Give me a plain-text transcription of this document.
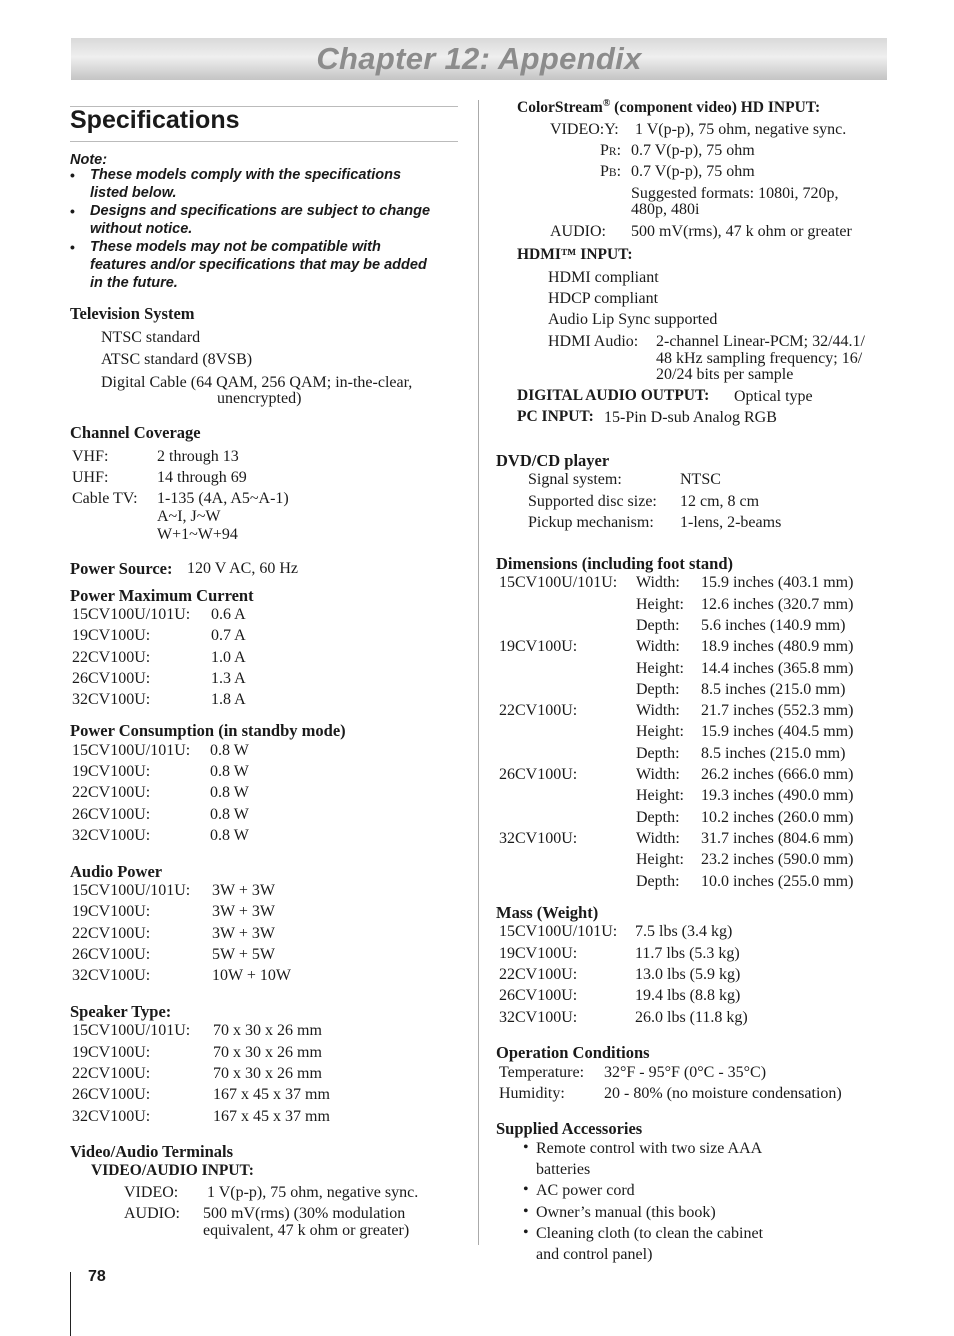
Chapter 12: Appendix
Specifications
Note:
• These models comply with the specifications
listed below.
• Designs and specifications are subject to change
without notice.
• These models may not be compatible with
features and/or specifications that may be added
in the future.
Television System
NTSC standard
ATSC standard (8VSB)
Digital Cable (64 QAM, 256 QAM; in-the-clear,
unencrypted)
Channel Coverage
VHF:	2 through 13
UHF:	14 through 69
Cable TV: 1-135 (4A, A5~A-1)
A~I, J~W
W+1~W+94
Power Source: 120 V AC, 60 Hz
Power Maximum Current
15CV100U/101U: 0.6 A
19CV100U:	0.7 A
22CV100U:	1.0 A
26CV100U:	1.3 A
32CV100U:	1.8 A
Power Consumption (in standby mode)
15CV100U/101U: 0.8 W
19CV100U:	0.8 W
22CV100U:	0.8 W
26CV100U:	0.8 W
32CV100U:	0.8 W
Audio Power
15CV100U/101U: 3W + 3W
19CV100U:	3W + 3W
22CV100U:	3W + 3W
26CV100U:	5W + 5W
32CV100U:	10W + 10W
Speaker Type:
15CV100U/101U: 70 x 30 x 26 mm
19CV100U:	70 x 30 x 26 mm
22CV100U:	70 x 30 x 26 mm
26CV100U:	167 x 45 x 37 mm
32CV100U:	167 x 45 x 37 mm
Video/Audio Terminals
VIDEO/AUDIO INPUT:
VIDEO: 1 V(p-p), 75 ohm, negative sync.
AUDIO: 500 mV(rms) (30% modulation
equivalent, 47 k ohm or greater)
78
ColorStream® (component video) HD INPUT:
VIDEO:Y: 1 V(p-p), 75 ohm, negative sync.
PR: 0.7 V(p-p), 75 ohm
PB: 0.7 V(p-p), 75 ohm
Suggested formats: 1080i, 720p,
480p, 480i
AUDIO: 500 mV(rms), 47 k ohm or greater
HDMI™ INPUT:
HDMI compliant
HDCP compliant
Audio Lip Sync supported
HDMI Audio: 2-channel Linear-PCM; 32/44.1/
48 kHz sampling frequency; 16/
20/24 bits per sample
DIGITAL AUDIO OUTPUT: Optical type
PC INPUT: 15-Pin D-sub Analog RGB
DVD/CD player
Signal system:	NTSC
Supported disc size: 12 cm, 8 cm
Pickup mechanism: 1-lens, 2-beams
Dimensions (including foot stand)
15CV100U/101U: Width: 15.9 inches (403.1 mm)
Height: 12.6 inches (320.7 mm)
Depth: 5.6 inches (140.9 mm)
19CV100U:	Width: 18.9 inches (480.9 mm)
Height: 14.4 inches (365.8 mm)
Depth: 8.5 inches (215.0 mm)
22CV100U:	Width: 21.7 inches (552.3 mm)
Height: 15.9 inches (404.5 mm)
Depth: 8.5 inches (215.0 mm)
26CV100U:	Width: 26.2 inches (666.0 mm)
Height: 19.3 inches (490.0 mm)
Depth: 10.2 inches (260.0 mm)
32CV100U:	Width: 31.7 inches (804.6 mm)
Height: 23.2 inches (590.0 mm)
Depth: 10.0 inches (255.0 mm)
Mass (Weight)
15CV100U/101U: 7.5 lbs (3.4 kg)
19CV100U:	11.7 lbs (5.3 kg)
22CV100U:	13.0 lbs (5.9 kg)
26CV100U:	19.4 lbs (8.8 kg)
32CV100U:	26.0 lbs (11.8 kg)
Operation Conditions
Temperature: 32°F - 95°F (0°C - 35°C)
Humidity: 20 - 80% (no moisture condensation)
Supplied Accessories
• Remote control with two size AAA
batteries
• AC power cord
• Owner’s manual (this book)
• Cleaning cloth (to clean the cabinet
and control panel)
